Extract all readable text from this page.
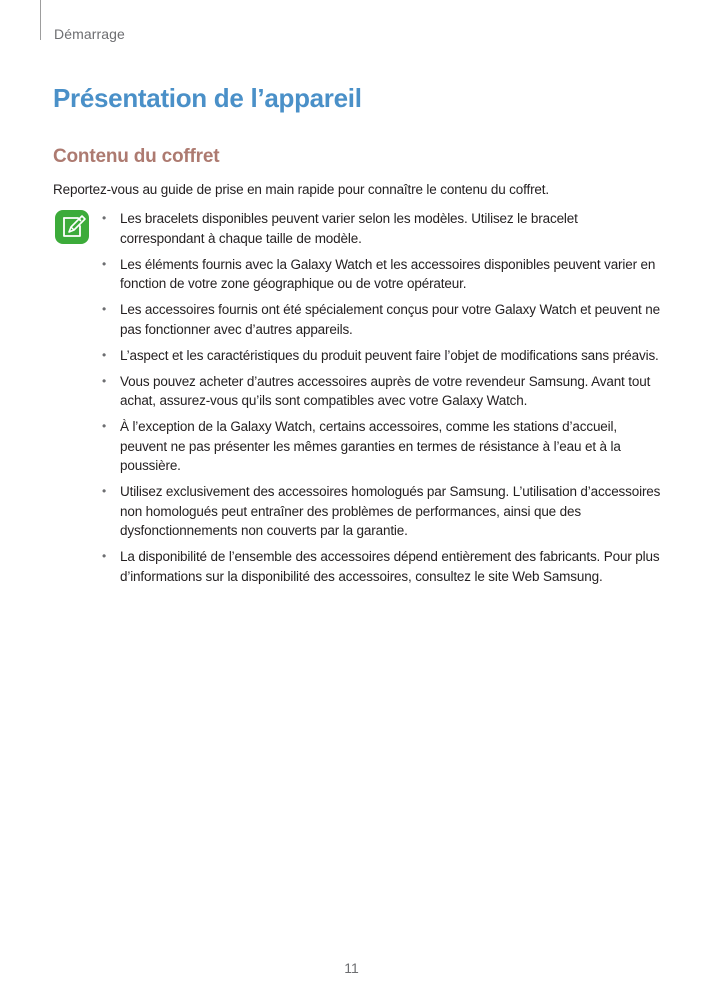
Démarrage
Présentation de l’appareil
Contenu du coffret

Reportez-vous au guide de prise en main rapide pour connaître le contenu du coffret.

• Les bracelets disponibles peuvent varier selon les modèles. Utilisez le bracelet correspondant à chaque taille de modèle.
• Les éléments fournis avec la Galaxy Watch et les accessoires disponibles peuvent varier en fonction de votre zone géographique ou de votre opérateur.
• Les accessoires fournis ont été spécialement conçus pour votre Galaxy Watch et peuvent ne pas fonctionner avec d’autres appareils.
• L’aspect et les caractéristiques du produit peuvent faire l’objet de modifications sans préavis.
• Vous pouvez acheter d’autres accessoires auprès de votre revendeur Samsung. Avant tout achat, assurez-vous qu’ils sont compatibles avec votre Galaxy Watch.
• À l’exception de la Galaxy Watch, certains accessoires, comme les stations d’accueil, peuvent ne pas présenter les mêmes garanties en termes de résistance à l’eau et à la poussière.
• Utilisez exclusivement des accessoires homologués par Samsung. L’utilisation d’accessoires non homologués peut entraîner des problèmes de performances, ainsi que des dysfonctionnements non couverts par la garantie.
• La disponibilité de l’ensemble des accessoires dépend entièrement des fabricants. Pour plus d’informations sur la disponibilité des accessoires, consultez le site Web Samsung.
11
